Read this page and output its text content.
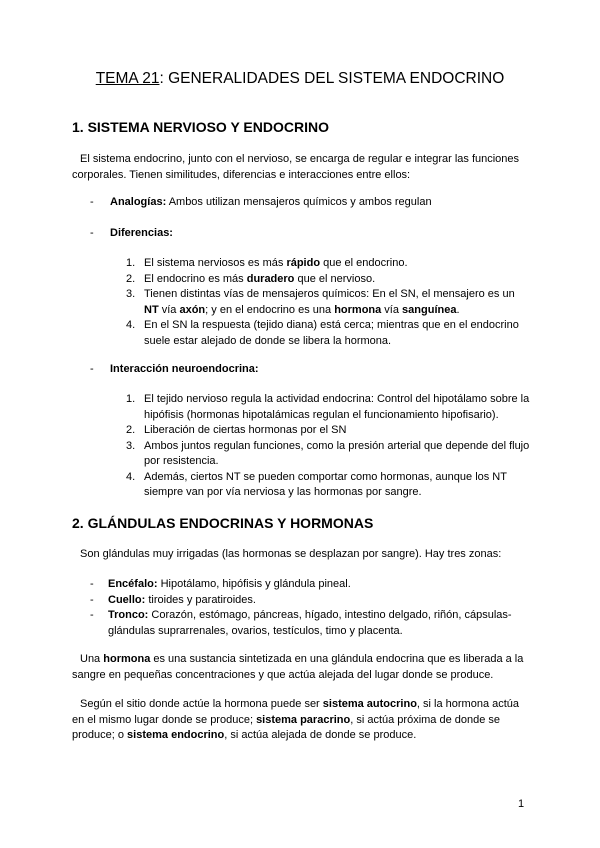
TEMA 21: GENERALIDADES DEL SISTEMA ENDOCRINO
1. SISTEMA NERVIOSO Y ENDOCRINO
El sistema endocrino, junto con el nervioso, se encarga de regular e integrar las funciones corporales. Tienen similitudes, diferencias e interacciones entre ellos:
- Analogías: Ambos utilizan mensajeros químicos y ambos regulan
- Diferencias:
1. El sistema nerviosos es más rápido que el endocrino.
2. El endocrino es más duradero que el nervioso.
3. Tienen distintas vías de mensajeros químicos: En el SN, el mensajero es un NT vía axón; y en el endocrino es una hormona vía sanguínea.
4. En el SN la respuesta (tejido diana) está cerca; mientras que en el endocrino suele estar alejado de donde se libera la hormona.
- Interacción neuroendocrina:
1. El tejido nervioso regula la actividad endocrina: Control del hipotálamo sobre la hipófisis (hormonas hipotalámicas regulan el funcionamiento hipofisario).
2. Liberación de ciertas hormonas por el SN
3. Ambos juntos regulan funciones, como la presión arterial que depende del flujo por resistencia.
4. Además, ciertos NT se pueden comportar como hormonas, aunque los NT siempre van por vía nerviosa y las hormonas por sangre.
2. GLÁNDULAS ENDOCRINAS Y HORMONAS
Son glándulas muy irrigadas (las hormonas se desplazan por sangre). Hay tres zonas:
- Encéfalo: Hipotálamo, hipófisis y glándula pineal.
- Cuello: tiroides y paratiroides.
- Tronco: Corazón, estómago, páncreas, hígado, intestino delgado, riñón, cápsulas-glándulas suprarrenales, ovarios, testículos, timo y placenta.
Una hormona es una sustancia sintetizada en una glándula endocrina que es liberada a la sangre en pequeñas concentraciones y que actúa alejada del lugar donde se produce.
Según el sitio donde actúe la hormona puede ser sistema autocrino, si la hormona actúa en el mismo lugar donde se produce; sistema paracrino, si actúa próxima de donde se produce; o sistema endocrino, si actúa alejada de donde se produce.
1
